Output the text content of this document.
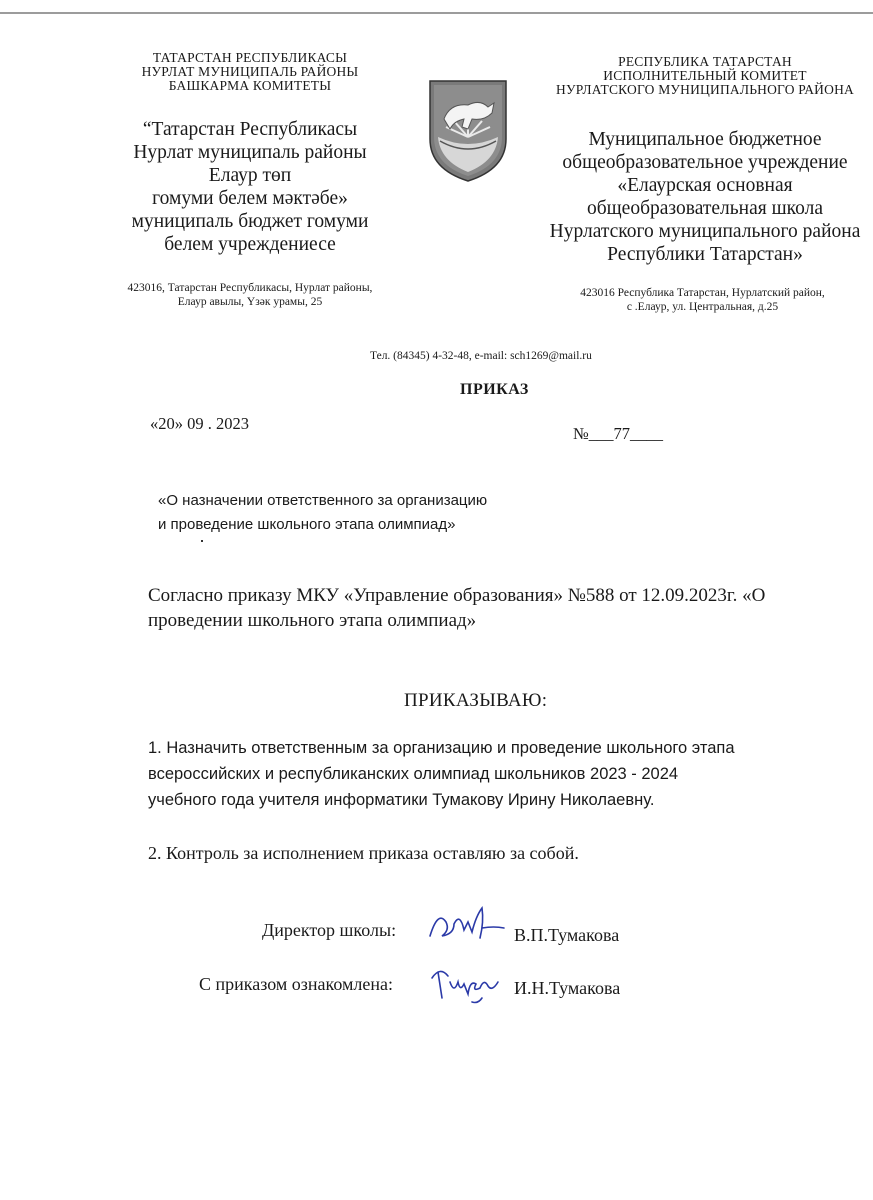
ТАТАРСТАН РЕСПУБЛИКАСЫ
НУРЛАТ МУНИЦИПАЛЬ РАЙОНЫ
БАШКАРМА КОМИТЕТЫ
РЕСПУБЛИКА ТАТАРСТАН
ИСПОЛНИТЕЛЬНЫЙ КОМИТЕТ
НУРЛАТСКОГО МУНИЦИПАЛЬНОГО РАЙОНА
“Татарстан Республикасы
Нурлат муниципаль районы
Елаур төп
гомуми белем мәктәбе»
муниципаль бюджет гомуми
белем учреждениесе
Муниципальное бюджетное
общеобразовательное учреждение
«Елаурская основная
общеобразовательная школа
Нурлатского муниципального района
Республики Татарстан»
423016, Татарстан Республикасы, Нурлат районы,
Елаур авылы, Үзәк урамы, 25
423016 Республика Татарстан, Нурлатский район,
с .Елаур, ул. Центральная, д.25
Тел. (84345) 4-32-48, e-mail: sch1269@mail.ru
ПРИКАЗ
«20» 09 . 2023
№___77____
«О назначении ответственного за организацию
и проведение школьного этапа олимпиад»
Согласно приказу МКУ «Управление образования» №588 от 12.09.2023г. «О
проведении школьного этапа олимпиад»
ПРИКАЗЫВАЮ:
1. Назначить ответственным за организацию и проведение школьного этапа
всероссийских и республиканских олимпиад школьников 2023 - 2024
учебного года учителя информатики Тумакову Ирину Николаевну.
2. Контроль за исполнением приказа оставляю за собой.
Директор школы:	В.П.Тумакова
С приказом ознакомлена:	И.Н.Тумакова
